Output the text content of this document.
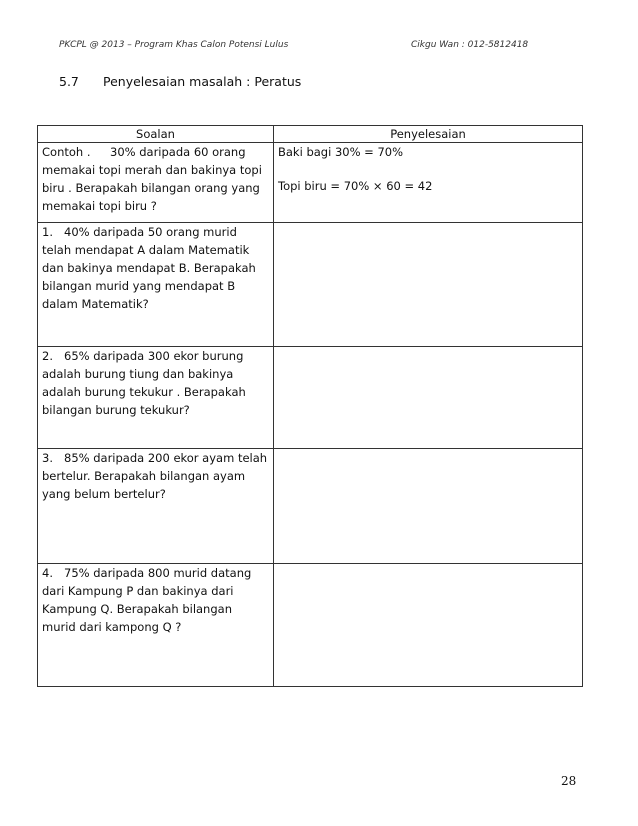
PKCPL @ 2013 – Program Khas Calon Potensi Lulus	Cikgu Wan : 012-5812418
5.7 Penyelesaian masalah : Peratus
Soalan	Penyelesaian
Contoh . 30% daripada 60 orang memakai topi merah dan bakinya topi biru . Berapakah bilangan orang yang memakai topi biru ?	Baki bagi 30% = 70%
Topi biru = 70% × 60 = 42

1. 40% daripada 50 orang murid telah mendapat A dalam Matematik dan bakinya mendapat B. Berapakah bilangan murid yang mendapat B dalam Matematik?	
2. 65% daripada 300 ekor burung adalah burung tiung dan bakinya adalah burung tekukur . Berapakah bilangan burung tekukur?	
3. 85% daripada 200 ekor ayam telah bertelur. Berapakah bilangan ayam yang belum bertelur?	
4. 75% daripada 800 murid datang dari Kampung P dan bakinya dari Kampung Q. Berapakah bilangan murid dari kampong Q ?	
28
